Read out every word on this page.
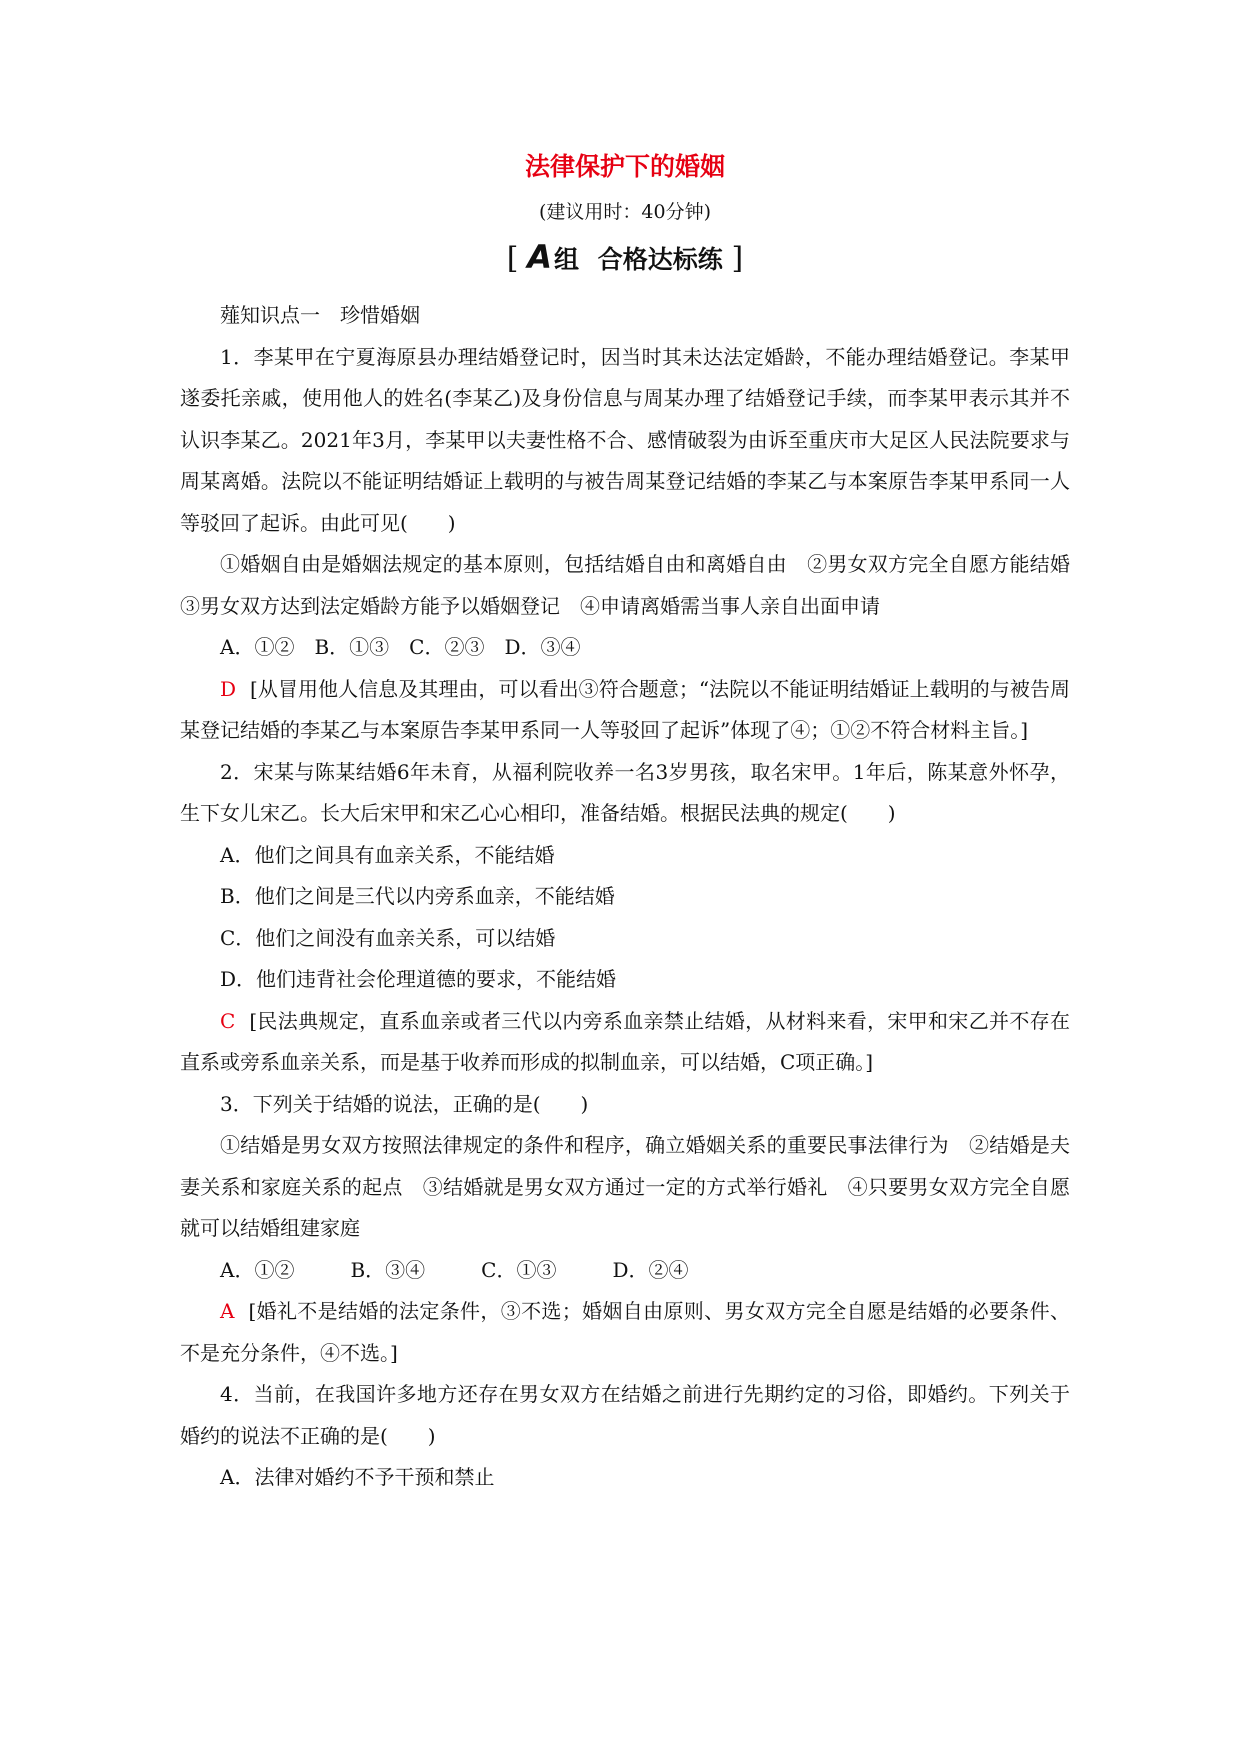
法律保护下的婚姻
(建议用时：40分钟)
[ A组 合格达标练 ]

薤知识点一　珍惜婚姻

1．李某甲在宁夏海原县办理结婚登记时，因当时其未达法定婚龄，不能办理结婚登记。李某甲遂委托亲戚，使用他人的姓名(李某乙)及身份信息与周某办理了结婚登记手续，而李某甲表示其并不认识李某乙。2021年3月，李某甲以夫妻性格不合、感情破裂为由诉至重庆市大足区人民法院要求与周某离婚。法院以不能证明结婚证上载明的与被告周某登记结婚的李某乙与本案原告李某甲系同一人等驳回了起诉。由此可见(　　)

①婚姻自由是婚姻法规定的基本原则，包括结婚自由和离婚自由　②男女双方完全自愿方能结婚　③男女双方达到法定婚龄方能予以婚姻登记　④申请离婚需当事人亲自出面申请

A．①② B．①③ C．②③ D．③④

D [从冒用他人信息及其理由，可以看出③符合题意；“法院以不能证明结婚证上载明的与被告周某登记结婚的李某乙与本案原告李某甲系同一人等驳回了起诉”体现了④；①②不符合材料主旨。]

2．宋某与陈某结婚6年未育，从福利院收养一名3岁男孩，取名宋甲。1年后，陈某意外怀孕，生下女儿宋乙。长大后宋甲和宋乙心心相印，准备结婚。根据民法典的规定(　　)

A．他们之间具有血亲关系，不能结婚

B．他们之间是三代以内旁系血亲，不能结婚

C．他们之间没有血亲关系，可以结婚

D．他们违背社会伦理道德的要求，不能结婚

C [民法典规定，直系血亲或者三代以内旁系血亲禁止结婚，从材料来看，宋甲和宋乙并不存在直系或旁系血亲关系，而是基于收养而形成的拟制血亲，可以结婚，C项正确。]

3．下列关于结婚的说法，正确的是(　　)

①结婚是男女双方按照法律规定的条件和程序，确立婚姻关系的重要民事法律行为　②结婚是夫妻关系和家庭关系的起点　③结婚就是男女双方通过一定的方式举行婚礼　④只要男女双方完全自愿就可以结婚组建家庭

A．①②	B．③④	C．①③	D．②④

A [婚礼不是结婚的法定条件，③不选；婚姻自由原则、男女双方完全自愿是结婚的必要条件、不是充分条件，④不选。]

4．当前，在我国许多地方还存在男女双方在结婚之前进行先期约定的习俗，即婚约。下列关于婚约的说法不正确的是(　　)

A．法律对婚约不予干预和禁止
